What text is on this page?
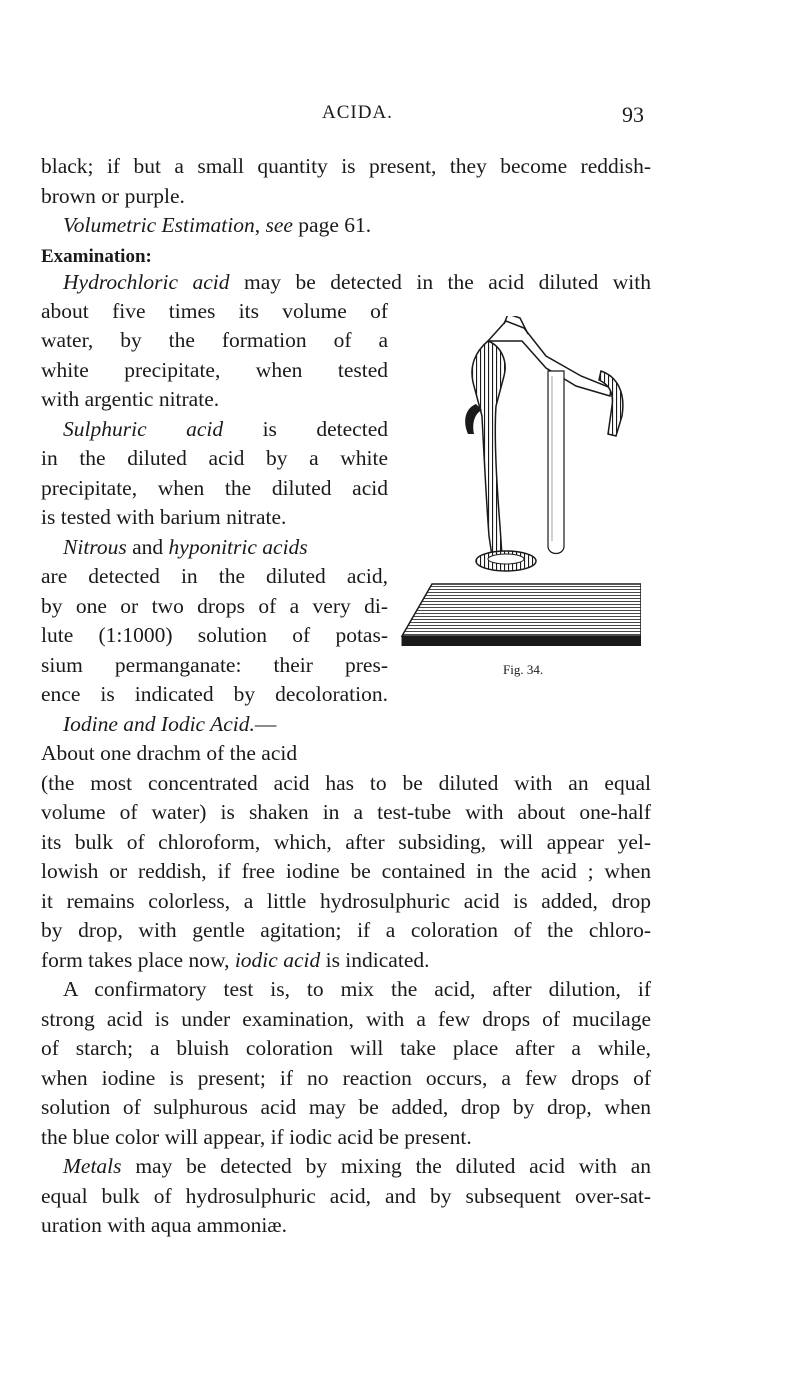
ACIDA.	93
black; if but a small quantity is present, they become reddish-
brown or purple.
Volumetric Estimation, see page 61.
Examination:
Hydrochloric acid may be detected in the acid diluted with
about five times its volume of
water, by the formation of a
white precipitate, when tested
with argentic nitrate.
Sulphuric acid is detected
in the diluted acid by a white
precipitate, when the diluted acid
is tested with barium nitrate.
Nitrous and hyponitric acids
are detected in the diluted acid,
by one or two drops of a very di-
lute (1:1000) solution of potas-
sium permanganate: their pres-
ence is indicated by decoloration.
Iodine and Iodic Acid.—
About one drachm of the acid
(the most concentrated acid has to be diluted with an equal
volume of water) is shaken in a test-tube with about one-half
its bulk of chloroform, which, after subsiding, will appear yel-
lowish or reddish, if free iodine be contained in the acid ; when
it remains colorless, a little hydrosulphuric acid is added, drop
by drop, with gentle agitation; if a coloration of the chloro-
form takes place now, iodic acid is indicated.
A confirmatory test is, to mix the acid, after dilution, if
strong acid is under examination, with a few drops of mucilage
of starch; a bluish coloration will take place after a while,
when iodine is present; if no reaction occurs, a few drops of
solution of sulphurous acid may be added, drop by drop, when
the blue color will appear, if iodic acid be present.
Metals may be detected by mixing the diluted acid with an
equal bulk of hydrosulphuric acid, and by subsequent over-sat-
uration with aqua ammoniæ.
Fig. 34.
